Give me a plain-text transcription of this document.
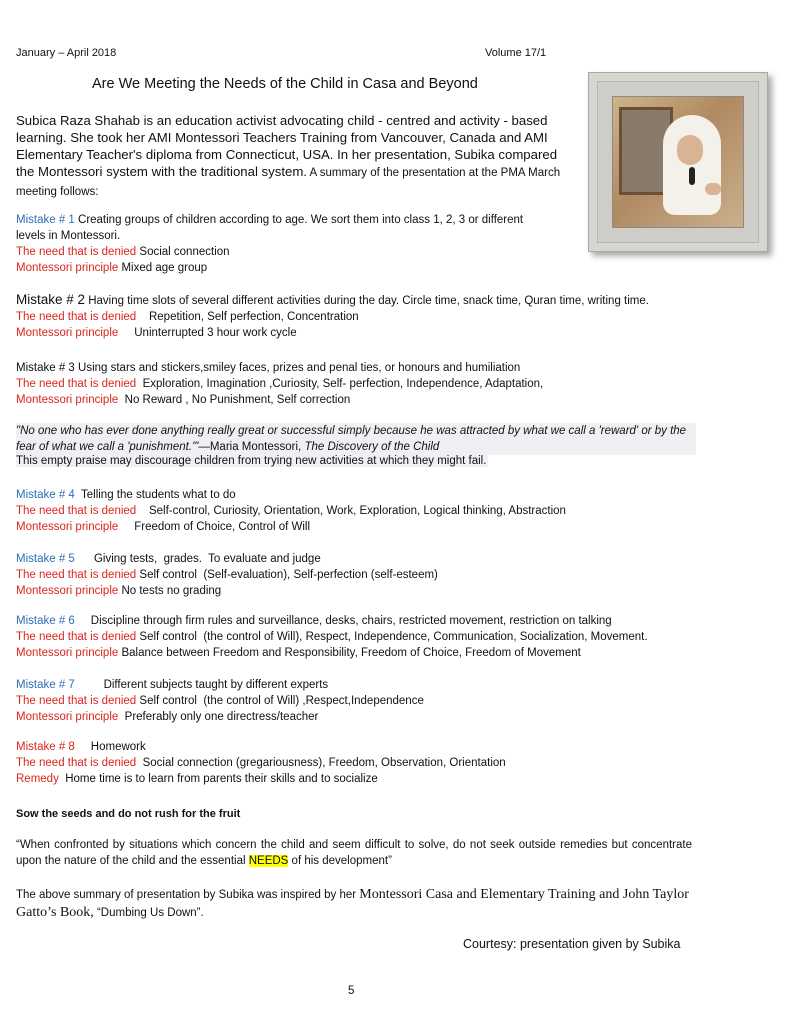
January – April 2018	Volume 17/1
Are We Meeting the Needs of the Child in Casa and Beyond
Subica Raza Shahab is an education activist advocating child - centred and activity - based learning. She took her AMI Montessori Teachers Training from Vancouver, Canada and AMI Elementary Teacher's diploma from Connecticut, USA. In her presentation, Subika compared the Montessori system with the traditional system. A summary of the presentation at the PMA March meeting follows:
Mistake # 1 Creating groups of children according to age. We sort them into class 1, 2, 3 or different levels in Montessori.
The need that is denied Social connection
Montessori principle Mixed age group
Mistake # 2 Having time slots of several different activities during the day. Circle time, snack time, Quran time, writing time.
The need that is denied    Repetition, Self perfection, Concentration
Montessori principle     Uninterrupted 3 hour work cycle
Mistake # 3 Using stars and stickers,smiley faces, prizes and penal ties, or honours and humiliation
The need that is denied  Exploration, Imagination ,Curiosity, Self- perfection, Independence, Adaptation,
Montessori principle  No Reward , No Punishment, Self correction
"No one who has ever done anything really great or successful simply because he was attracted by what we call a 'reward' or by the fear of what we call a 'punishment.'"—Maria Montessori, The Discovery of the Child
This empty praise may discourage children from trying new activities at which they might fail.
Mistake # 4  Telling the students what to do
The need that is denied    Self-control, Curiosity, Orientation, Work, Exploration, Logical thinking, Abstraction
Montessori principle     Freedom of Choice, Control of Will
Mistake # 5      Giving tests,  grades.  To evaluate and judge
The need that is denied Self control  (Self-evaluation), Self-perfection (self-esteem)
Montessori principle No tests no grading
Mistake # 6     Discipline through firm rules and surveillance, desks, chairs, restricted movement, restriction on talking
The need that is denied Self control  (the control of Will), Respect, Independence, Communication, Socialization, Movement.
Montessori principle Balance between Freedom and Responsibility, Freedom of Choice, Freedom of Movement
Mistake # 7         Different subjects taught by different experts
The need that is denied Self control  (the control of Will) ,Respect,Independence
Montessori principle  Preferably only one directress/teacher
Mistake # 8     Homework
The need that is denied  Social connection (gregariousness), Freedom, Observation, Orientation
Remedy  Home time is to learn from parents their skills and to socialize
Sow the seeds and do not rush for the fruit
“When confronted by situations which concern the child and seem difficult to solve, do not seek outside remedies but concentrate upon the nature of the child and the essential NEEDS of his development”
The above summary of presentation by Subika was inspired by her Montessori Casa and Elementary Training and John Taylor Gatto’s Book, “Dumbing Us Down”.
Courtesy: presentation given by Subika
5
